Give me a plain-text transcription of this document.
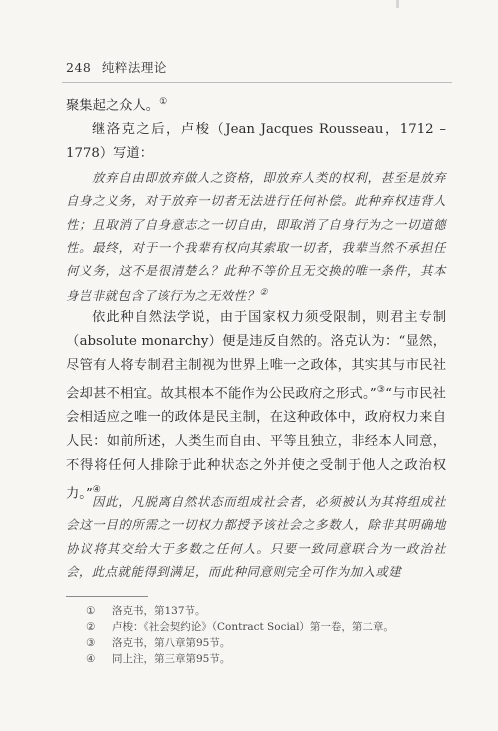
248 纯粹法理论

聚集起之众人。①

继洛克之后，卢梭（Jean Jacques Rousseau，1712 – 1778）写道：

放弃自由即放弃做人之资格，即放弃人类的权利，甚至是放弃自身之义务，对于放弃一切者无法进行任何补偿。此种弃权违背人性；且取消了自身意志之一切自由，即取消了自身行为之一切道德性。最终，对于一个我辈有权向其索取一切者，我辈当然不承担任何义务，这不是很清楚么？此种不等价且无交换的唯一条件，其本身岂非就包含了该行为之无效性？②

依此种自然法学说，由于国家权力须受限制，则君主专制（absolute monarchy）便是违反自然的。洛克认为：“显然，尽管有人将专制君主制视为世界上唯一之政体，其实其与市民社会却甚不相宜。故其根本不能作为公民政府之形式。”③“与市民社会相适应之唯一的政体是民主制，在这种政体中，政府权力来自人民：如前所述，人类生而自由、平等且独立，非经本人同意，不得将任何人排除于此种状态之外并使之受制于他人之政治权力。”④

因此，凡脱离自然状态而组成社会者，必须被认为其将组成社会这一目的所需之一切权力都授予该社会之多数人，除非其明确地协议将其交给大于多数之任何人。只要一致同意联合为一政治社会，此点就能得到满足，而此种同意则完全可作为加入或建

①	洛克书，第137节。
②	卢梭：《社会契约论》（Contract Social）第一卷，第二章。
③	洛克书，第八章第95节。
④	同上注，第三章第95节。
